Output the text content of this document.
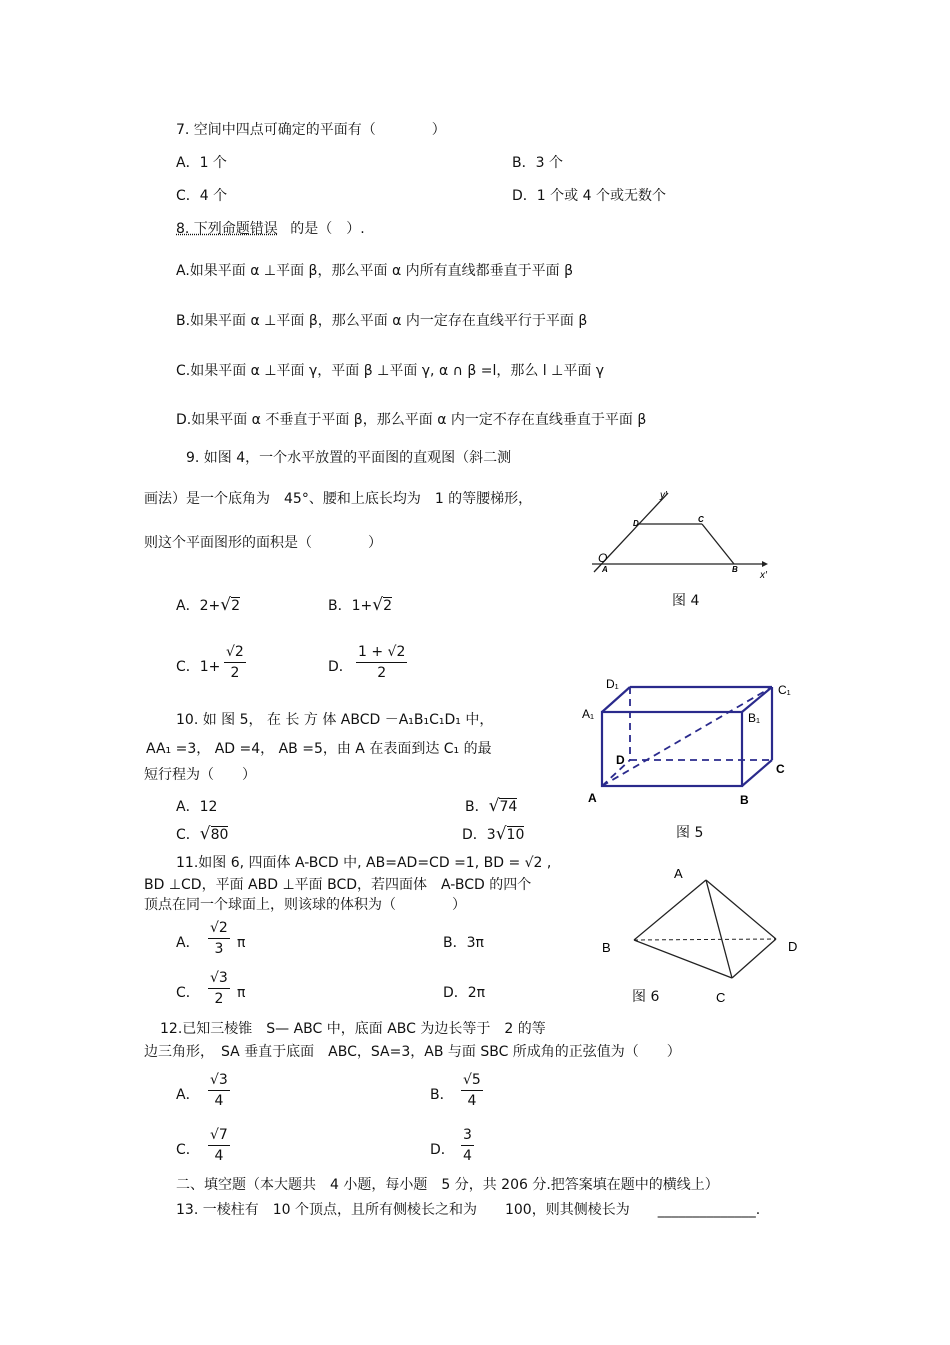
7. 空间中四点可确定的平面有（　　　　）
A．1 个	B．3 个
C．4 个	D．1 个或 4 个或无数个
8. 下列命题错误 的是（　）.
A.如果平面 α ⊥平面 β，那么平面 α 内所有直线都垂直于平面 β
B.如果平面 α ⊥平面 β，那么平面 α 内一定存在直线平行于平面 β
C.如果平面 α ⊥平面 γ，平面 β ⊥平面 γ, α ∩ β =l，那么 l ⊥平面 γ
D.如果平面 α 不垂直于平面 β，那么平面 α 内一定不存在直线垂直于平面 β
9. 如图 4，一个水平放置的平面图的直观图（斜二测
画法）是一个底角为　45°、腰和上底长均为　1 的等腰梯形，
则这个平面图形的面积是（　　　　）
A．2+√2	B．1+√2
C．$1+ \frac{√2}{2}$	D． $\frac{1 + √2}{2}$
y′
x′
O
A	B
C
D
图 4
10. 如 图 5， 在 长 方 体 ABCD －A₁B₁C₁D₁ 中，
AA₁ =3， AD =4， AB =5，由 A 在表面到达 C₁ 的最
短行程为（　　）
A．12	B．√74
C．√80	D．3√10
D₁	C₁
A₁	B₁
D
C
A	B
图 5
11.如图 6, 四面体 A-BCD 中, AB=AD=CD =1, BD = √2 ,
BD ⊥CD，平面 ABD ⊥平面 BCD，若四面体　A-BCD 的四个
顶点在同一个球面上，则该球的体积为（　　　　）
A． $\frac{√2}{3}$ π	B．3π
C． $\frac{√3}{2}$ π	D．2π
A
B
C
D
图 6
12.已知三棱锥　S— ABC 中，底面 ABC 为边长等于　2 的等
边三角形，　SA 垂直于底面　ABC，SA=3，AB 与面 SBC 所成角的正弦值为（　　）
A． $\frac{√3}{4}$	B． $\frac{√5}{4}$
C． $\frac{√7}{4}$	D． $\frac{3}{4}$
二、填空题（本大题共　4 小题，每小题　5 分，共 206 分.把答案填在题中的横线上）
13. 一棱柱有　10 个顶点，且所有侧棱长之和为　　100，则其侧棱长为　　______________.
